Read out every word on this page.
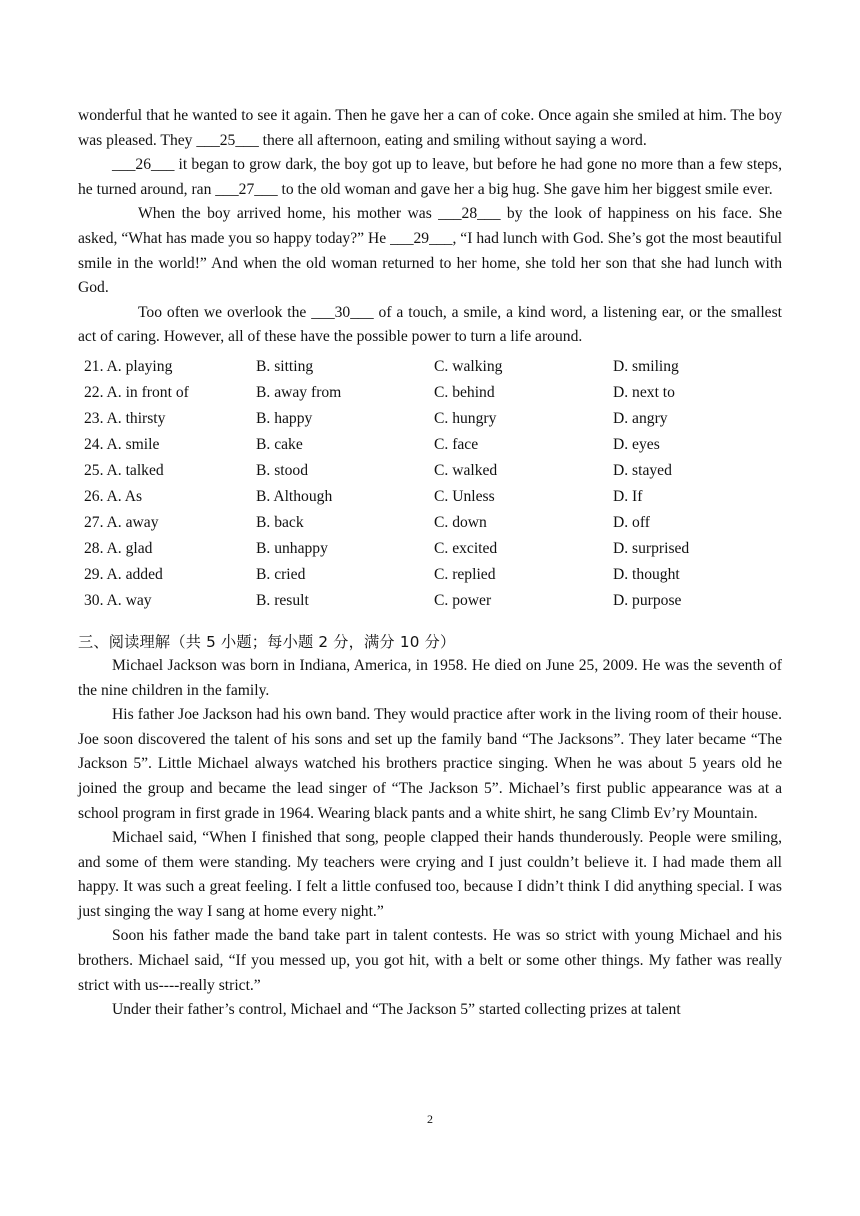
wonderful that he wanted to see it again. Then he gave her a can of coke. Once again she smiled at him. The boy was pleased. They ___25___ there all afternoon, eating and smiling without saying a word.

___26___ it began to grow dark, the boy got up to leave, but before he had gone no more than a few steps, he turned around, ran ___27___ to the old woman and gave her a big hug. She gave him her biggest smile ever.

When the boy arrived home, his mother was ___28___ by the look of happiness on his face. She asked, “What has made you so happy today?” He ___29___, “I had lunch with God. She’s got the most beautiful smile in the world!” And when the old woman returned to her home, she told her son that she had lunch with God.

Too often we overlook the ___30___ of a touch, a smile, a kind word, a listening ear, or the smallest act of caring. However, all of these have the possible power to turn a life around.

21. A. playing	B. sitting	C. walking	D. smiling
22. A. in front of	B. away from	C. behind	D. next to
23. A. thirsty	B. happy	C. hungry	D. angry
24. A. smile	B. cake	C. face	D. eyes
25. A. talked	B. stood	C. walked	D. stayed
26. A. As	B. Although	C. Unless	D. If
27. A. away	B. back	C. down	D. off
28. A. glad	B. unhappy	C. excited	D. surprised
29. A. added	B. cried	C. replied	D. thought
30. A. way	B. result	C. power	D. purpose

三、阅读理解（共 5 小题；每小题 2 分，满分 10 分）

Michael Jackson was born in Indiana, America, in 1958. He died on June 25, 2009. He was the seventh of the nine children in the family.

His father Joe Jackson had his own band. They would practice after work in the living room of their house. Joe soon discovered the talent of his sons and set up the family band “The Jacksons”. They later became “The Jackson 5”. Little Michael always watched his brothers practice singing. When he was about 5 years old he joined the group and became the lead singer of “The Jackson 5”. Michael’s first public appearance was at a school program in first grade in 1964. Wearing black pants and a white shirt, he sang Climb Ev’ry Mountain.

Michael said, “When I finished that song, people clapped their hands thunderously. People were smiling, and some of them were standing. My teachers were crying and I just couldn’t believe it. I had made them all happy. It was such a great feeling. I felt a little confused too, because I didn’t think I did anything special. I was just singing the way I sang at home every night.”

Soon his father made the band take part in talent contests. He was so strict with young Michael and his brothers. Michael said, “If you messed up, you got hit, with a belt or some other things. My father was really strict with us----really strict.”

Under their father’s control, Michael and “The Jackson 5” started collecting prizes at talent

2
